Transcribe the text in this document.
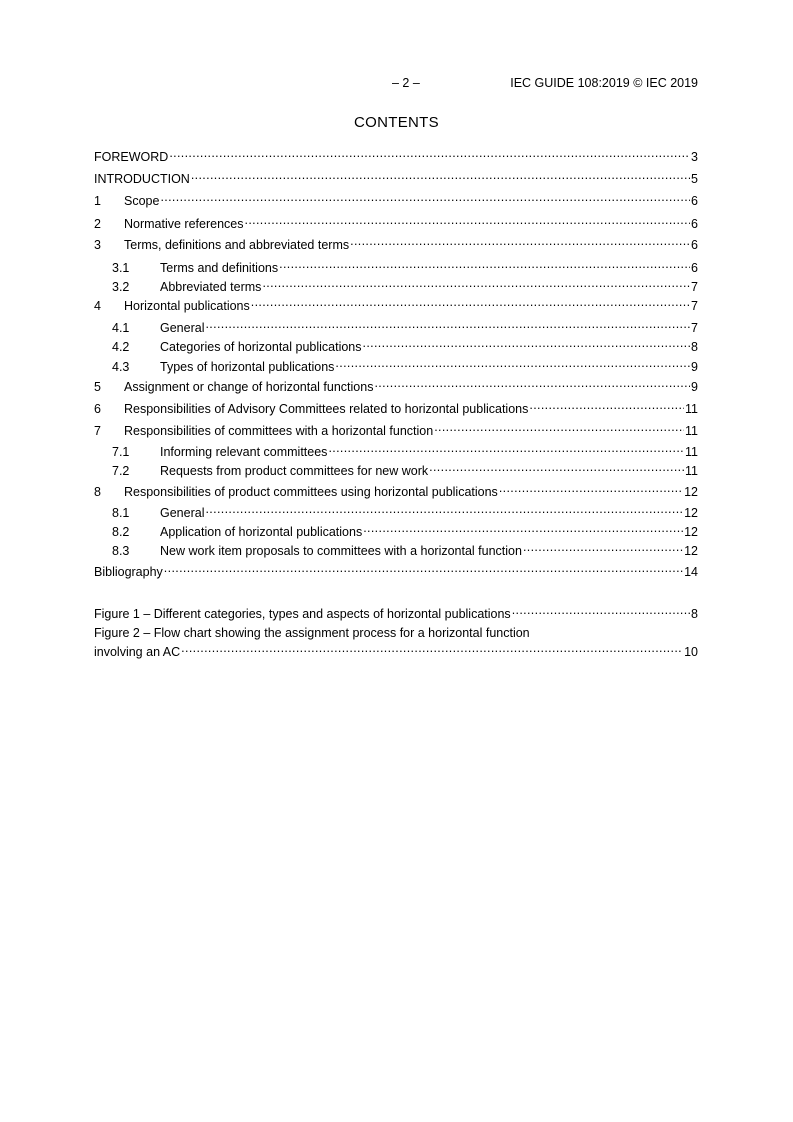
– 2 –	IEC GUIDE 108:2019 © IEC 2019
CONTENTS
Figure 1 – Different categories, types and aspects of horizontal publications .....	8
Figure 2 – Flow chart showing the assignment process for a horizontal function
involving an AC .....	10
FOREWORD .....	3
INTRODUCTION .....	5
1	Scope .....	6
2	Normative references .....	6
3	Terms, definitions and abbreviated terms .....	6
3.1	Terms and definitions .....	6
3.2	Abbreviated terms .....	7
4	Horizontal publications .....	7
4.1	General .....	7
4.2	Categories of horizontal publications .....	8
4.3	Types of horizontal publications .....	9
5	Assignment or change of horizontal functions .....	9
6	Responsibilities of Advisory Committees related to horizontal publications .....	11
7	Responsibilities of committees with a horizontal function .....	11
7.1	Informing relevant committees .....	11
7.2	Requests from product committees for new work .....	11
8	Responsibilities of product committees using horizontal publications .....	12
8.1	General .....	12
8.2	Application of horizontal publications .....	12
8.3	New work item proposals to committees with a horizontal function .....	12
Bibliography .....	14
